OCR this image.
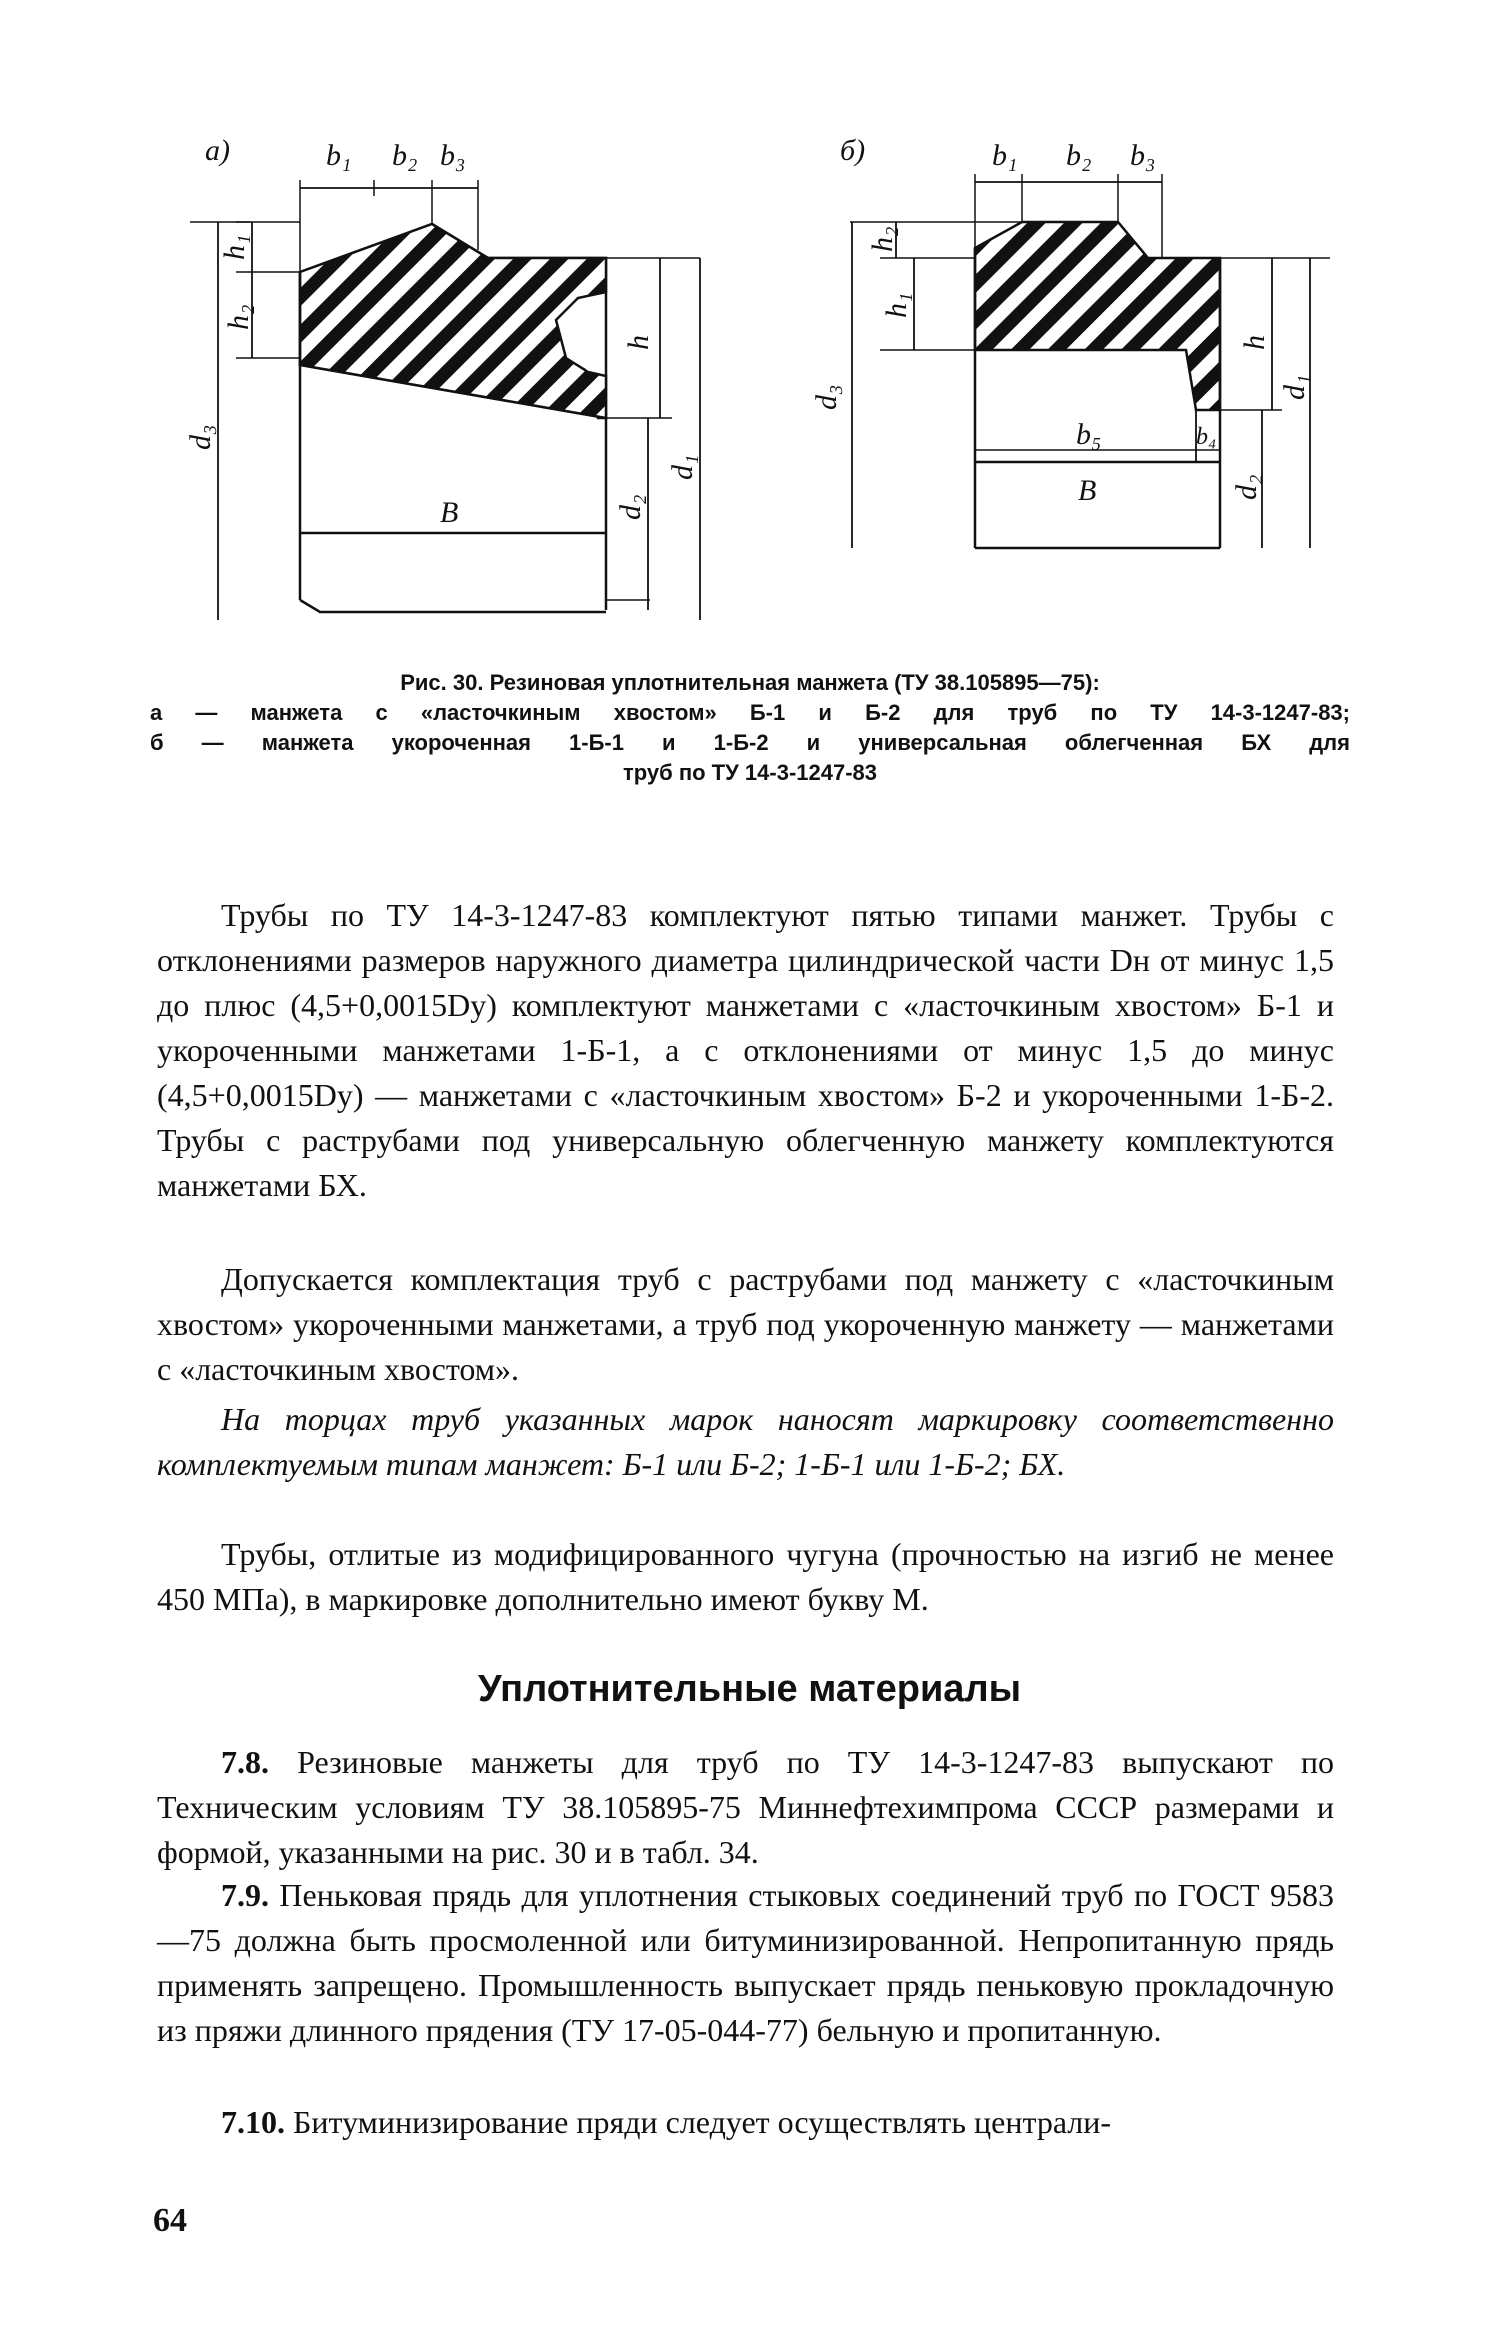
а)	b₁ b₂ b₃
h₁
h₂
h
d₃
d₂
d₁
B
б)	b₁ b₂ b₃
h₂
h₁
h
d₃	d₁
d₂
b₅	b₄
B
Рис. 30. Резиновая уплотнительная манжета (ТУ 38.105895—75):
а — манжета с «ласточкиным хвостом» Б-1 и Б-2 для труб по ТУ 14-3-1247-83;
б — манжета укороченная 1-Б-1 и 1-Б-2 и универсальная облегченная БХ для
труб по ТУ 14-3-1247-83

Трубы по ТУ 14-3-1247-83 комплектуют пятью типами манжет. Трубы с отклонениями размеров наружного диаметра цилиндрической части Dн от минус 1,5 до плюс (4,5+0,0015Dу) комплектуют манжетами с «ласточкиным хвостом» Б-1 и укороченными манжетами 1-Б-1, а с отклонениями от минус 1,5 до минус (4,5+0,0015Dу) — манжетами с «ласточкиным хвостом» Б-2 и укороченными 1-Б-2. Трубы с раструбами под универсальную облегченную манжету комплектуются манжетами БХ.

Допускается комплектация труб с раструбами под манжету с «ласточкиным хвостом» укороченными манжетами, а труб под укороченную манжету — манжетами с «ласточкиным хвостом».

На торцах труб указанных марок наносят маркировку соответственно комплектуемым типам манжет: Б-1 или Б-2; 1-Б-1 или 1-Б-2; БХ.

Трубы, отлитые из модифицированного чугуна (прочностью на изгиб не менее 450 МПа), в маркировке дополнительно имеют букву М.

Уплотнительные материалы

7.8. Резиновые манжеты для труб по ТУ 14-3-1247-83 выпускают по Техническим условиям ТУ 38.105895-75 Миннефтехимпрома СССР размерами и формой, указанными на рис. 30 и в табл. 34.

7.9. Пеньковая прядь для уплотнения стыковых соединений труб по ГОСТ 9583—75 должна быть просмоленной или битуминизированной. Непропитанную прядь применять запрещено. Промышленность выпускает прядь пеньковую прокладочную из пряжи длинного прядения (ТУ 17-05-044-77) бельную и пропитанную.

7.10. Битуминизирование пряди следует осуществлять централи-

64
